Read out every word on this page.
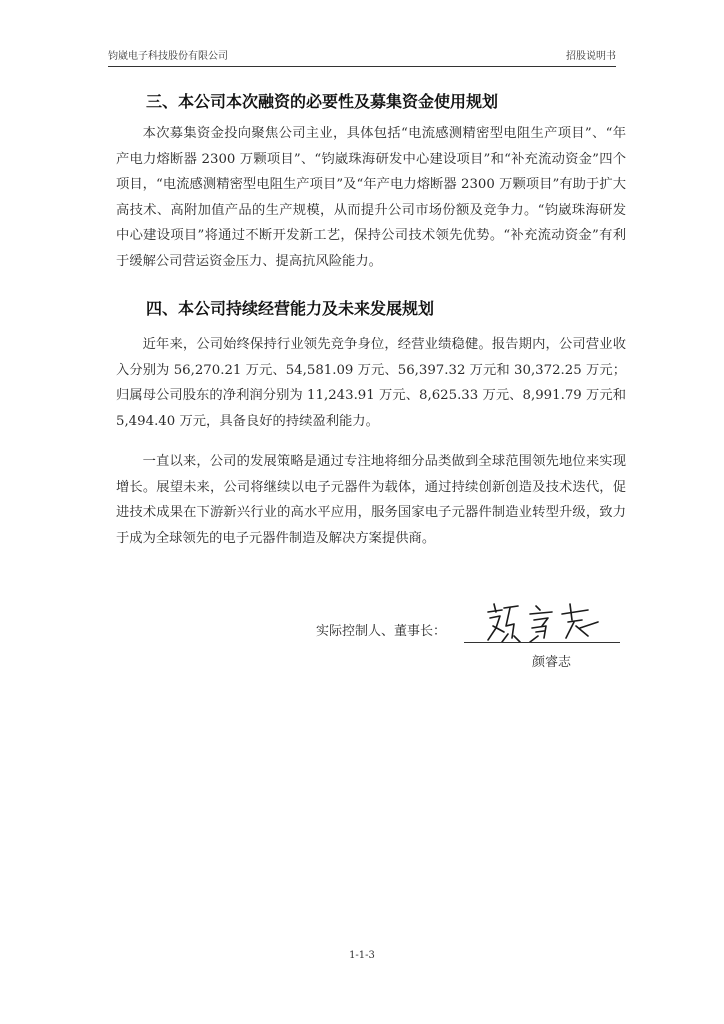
钧崴电子科技股份有限公司	招股说明书
三、本公司本次融资的必要性及募集资金使用规划

本次募集资金投向聚焦公司主业，具体包括“电流感测精密型电阻生产项目”、“年产电力熔断器 2300 万颗项目”、“钧崴珠海研发中心建设项目”和“补充流动资金”四个项目，“电流感测精密型电阻生产项目”及“年产电力熔断器 2300 万颗项目”有助于扩大高技术、高附加值产品的生产规模，从而提升公司市场份额及竞争力。“钧崴珠海研发中心建设项目”将通过不断开发新工艺，保持公司技术领先优势。“补充流动资金”有利于缓解公司营运资金压力、提高抗风险能力。

四、本公司持续经营能力及未来发展规划

近年来，公司始终保持行业领先竞争身位，经营业绩稳健。报告期内，公司营业收入分别为 56,270.21 万元、54,581.09 万元、56,397.32 万元和 30,372.25 万元；归属母公司股东的净利润分别为 11,243.91 万元、8,625.33 万元、8,991.79 万元和 5,494.40 万元，具备良好的持续盈利能力。

一直以来，公司的发展策略是通过专注地将细分品类做到全球范围领先地位来实现增长。展望未来，公司将继续以电子元器件为载体，通过持续创新创造及技术迭代，促进技术成果在下游新兴行业的高水平应用，服务国家电子元器件制造业转型升级，致力于成为全球领先的电子元器件制造及解决方案提供商。

实际控制人、董事长：
颜睿志
1-1-3
